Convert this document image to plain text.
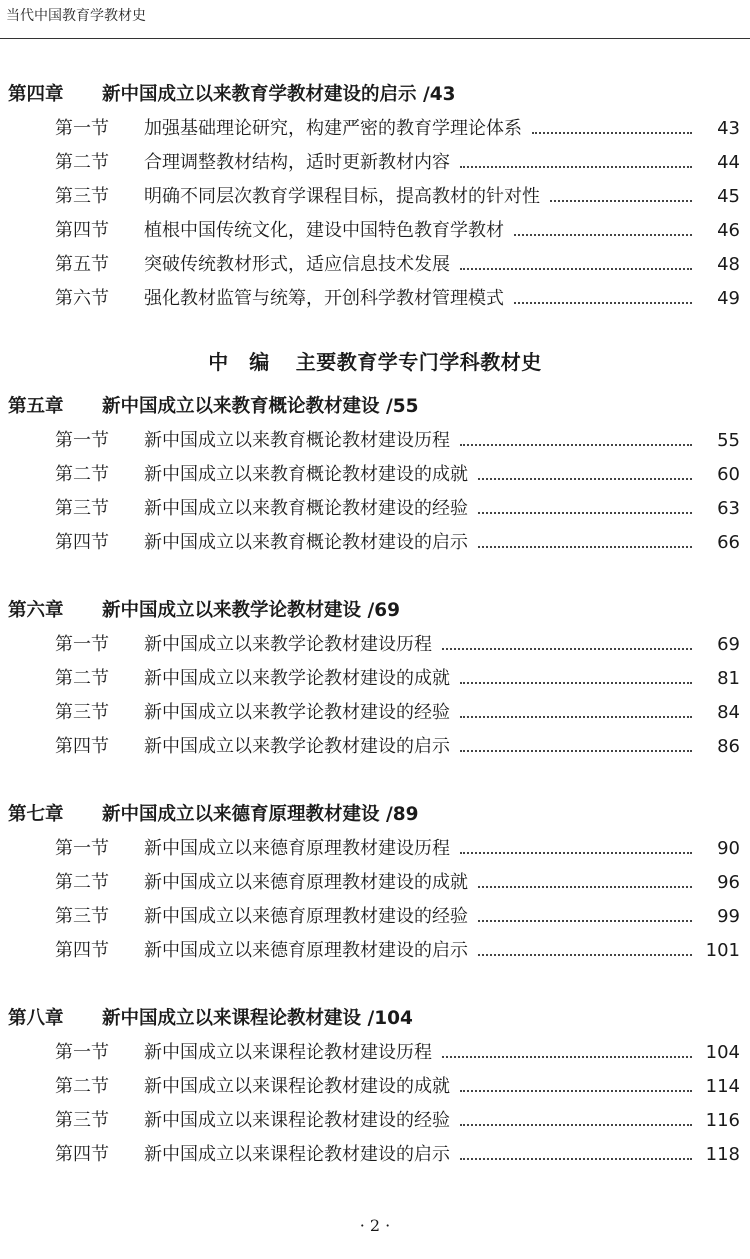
当代中国教育学教材史
第四章 新中国成立以来教育学教材建设的启示 /43
第一节	加强基础理论研究，构建严密的教育学理论体系	43
第二节	合理调整教材结构，适时更新教材内容	44
第三节	明确不同层次教育学课程目标，提高教材的针对性	45
第四节	植根中国传统文化，建设中国特色教育学教材	46
第五节	突破传统教材形式，适应信息技术发展	48
第六节	强化教材监管与统筹，开创科学教材管理模式	49
中　编 主要教育学专门学科教材史
第五章 新中国成立以来教育概论教材建设 /55
第一节	新中国成立以来教育概论教材建设历程	55
第二节	新中国成立以来教育概论教材建设的成就	60
第三节	新中国成立以来教育概论教材建设的经验	63
第四节	新中国成立以来教育概论教材建设的启示	66
第六章 新中国成立以来教学论教材建设 /69
第一节	新中国成立以来教学论教材建设历程	69
第二节	新中国成立以来教学论教材建设的成就	81
第三节	新中国成立以来教学论教材建设的经验	84
第四节	新中国成立以来教学论教材建设的启示	86
第七章 新中国成立以来德育原理教材建设 /89
第一节	新中国成立以来德育原理教材建设历程	90
第二节	新中国成立以来德育原理教材建设的成就	96
第三节	新中国成立以来德育原理教材建设的经验	99
第四节	新中国成立以来德育原理教材建设的启示	101
第八章 新中国成立以来课程论教材建设 /104
第一节	新中国成立以来课程论教材建设历程	104
第二节	新中国成立以来课程论教材建设的成就	114
第三节	新中国成立以来课程论教材建设的经验	116
第四节	新中国成立以来课程论教材建设的启示	118
· 2 ·
